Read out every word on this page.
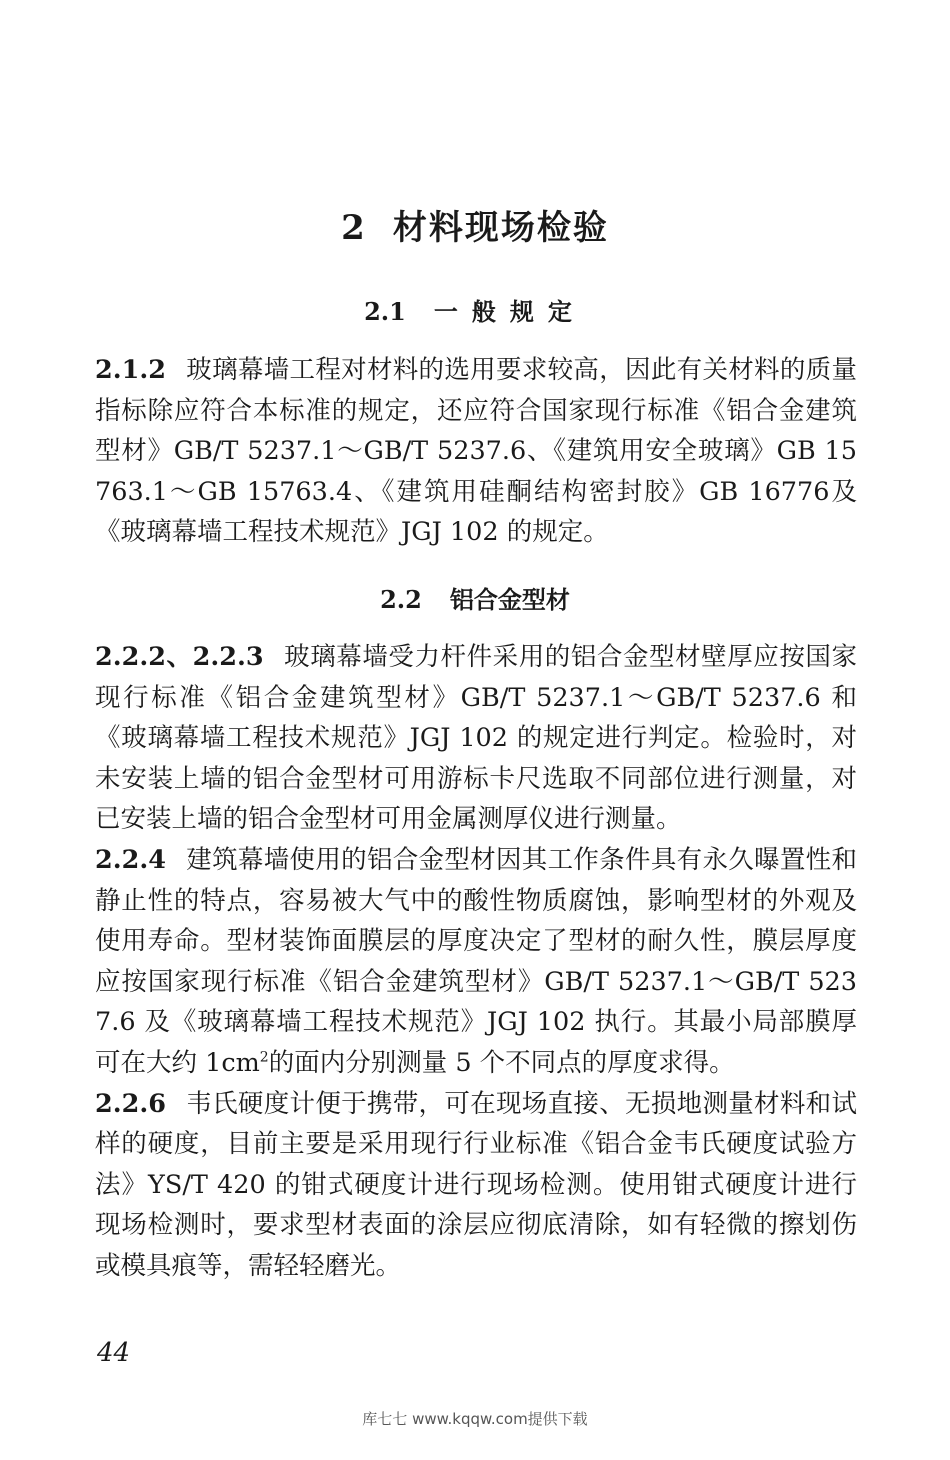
2 材料现场检验
2.1 一般规定

2.1.2 玻璃幕墙工程对材料的选用要求较高，因此有关材料的质量指标除应符合本标准的规定，还应符合国家现行标准《铝合金建筑型材》GB/T 5237.1～GB/T 5237.6、《建筑用安全玻璃》GB 15763.1～GB 15763.4、《建筑用硅酮结构密封胶》GB 16776及《玻璃幕墙工程技术规范》JGJ 102 的规定。

2.2 铝合金型材

2.2.2、2.2.3 玻璃幕墙受力杆件采用的铝合金型材壁厚应按国家现行标准《铝合金建筑型材》GB/T 5237.1～GB/T 5237.6 和《玻璃幕墙工程技术规范》JGJ 102 的规定进行判定。检验时，对未安装上墙的铝合金型材可用游标卡尺选取不同部位进行测量，对已安装上墙的铝合金型材可用金属测厚仪进行测量。

2.2.4 建筑幕墙使用的铝合金型材因其工作条件具有永久曝置性和静止性的特点，容易被大气中的酸性物质腐蚀，影响型材的外观及使用寿命。型材装饰面膜层的厚度决定了型材的耐久性，膜层厚度应按国家现行标准《铝合金建筑型材》GB/T 5237.1～GB/T 5237.6 及《玻璃幕墙工程技术规范》JGJ 102 执行。其最小局部膜厚可在大约 $1cm^2$的面内分别测量 5 个不同点的厚度求得。

2.2.6 韦氏硬度计便于携带，可在现场直接、无损地测量材料和试样的硬度，目前主要是采用现行行业标准《铝合金韦氏硬度试验方法》YS/T 420 的钳式硬度计进行现场检测。使用钳式硬度计进行现场检测时，要求型材表面的涂层应彻底清除，如有轻微的擦划伤或模具痕等，需轻轻磨光。

44
库七七 www.kqqw.com提供下载
